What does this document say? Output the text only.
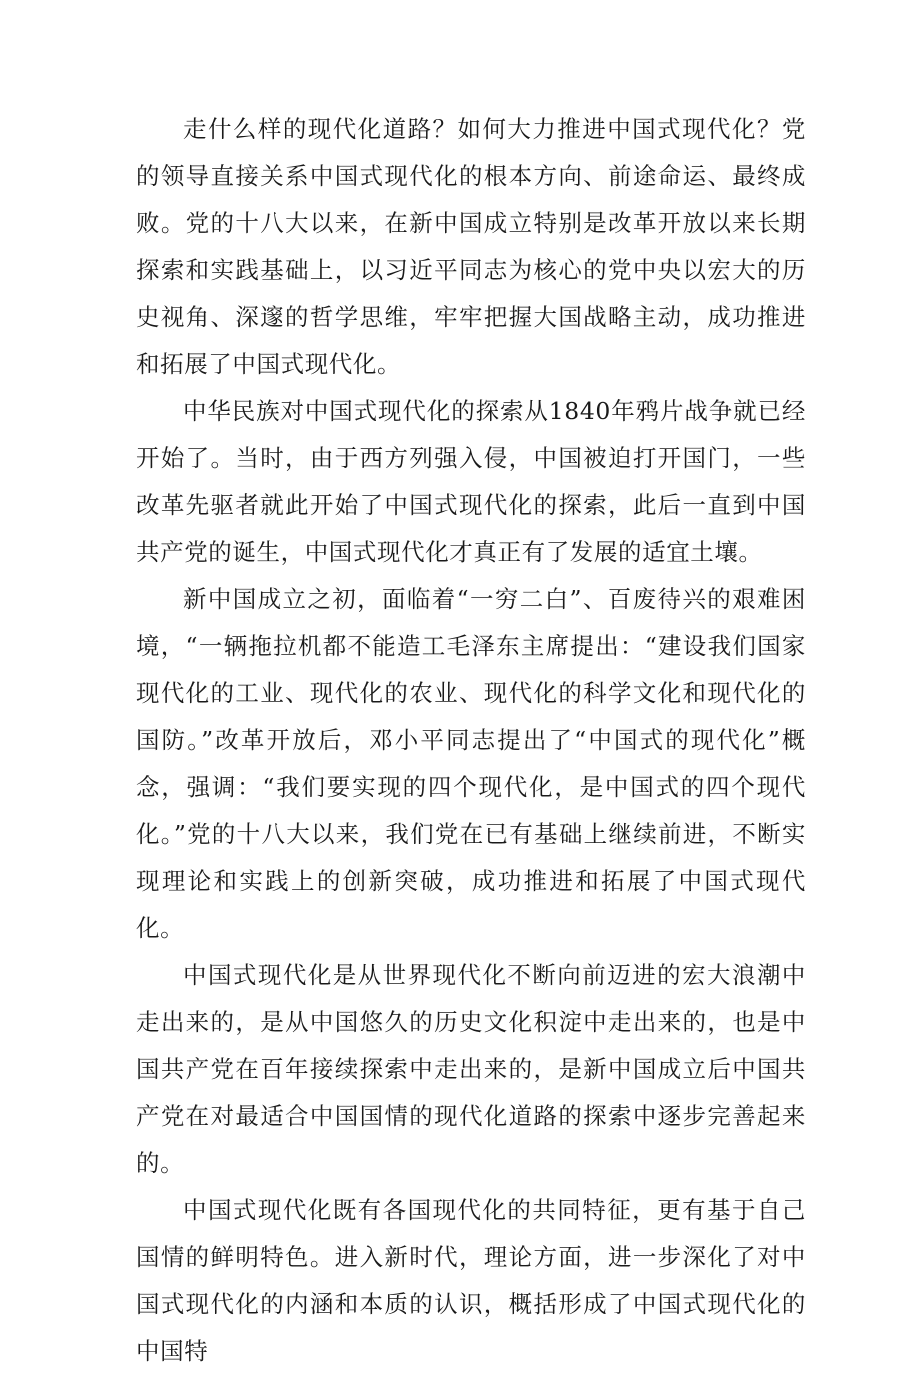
走什么样的现代化道路？如何大力推进中国式现代化？党的领导直接关系中国式现代化的根本方向、前途命运、最终成败。党的十八大以来，在新中国成立特别是改革开放以来长期探索和实践基础上，以习近平同志为核心的党中央以宏大的历史视角、深邃的哲学思维，牢牢把握大国战略主动，成功推进和拓展了中国式现代化。

中华民族对中国式现代化的探索从1840年鸦片战争就已经开始了。当时，由于西方列强入侵，中国被迫打开国门，一些改革先驱者就此开始了中国式现代化的探索，此后一直到中国共产党的诞生，中国式现代化才真正有了发展的适宜土壤。

新中国成立之初，面临着“一穷二白”、百废待兴的艰难困境，“一辆拖拉机都不能造工毛泽东主席提出：“建设我们国家现代化的工业、现代化的农业、现代化的科学文化和现代化的国防。”改革开放后，邓小平同志提出了“中国式的现代化”概念，强调：“我们要实现的四个现代化，是中国式的四个现代化。”党的十八大以来，我们党在已有基础上继续前进，不断实现理论和实践上的创新突破，成功推进和拓展了中国式现代化。

中国式现代化是从世界现代化不断向前迈进的宏大浪潮中走出来的，是从中国悠久的历史文化积淀中走出来的，也是中国共产党在百年接续探索中走出来的，是新中国成立后中国共产党在对最适合中国国情的现代化道路的探索中逐步完善起来的。

中国式现代化既有各国现代化的共同特征，更有基于自己国情的鲜明特色。进入新时代，理论方面，进一步深化了对中国式现代化的内涵和本质的认识，概括形成了中国式现代化的中国特
